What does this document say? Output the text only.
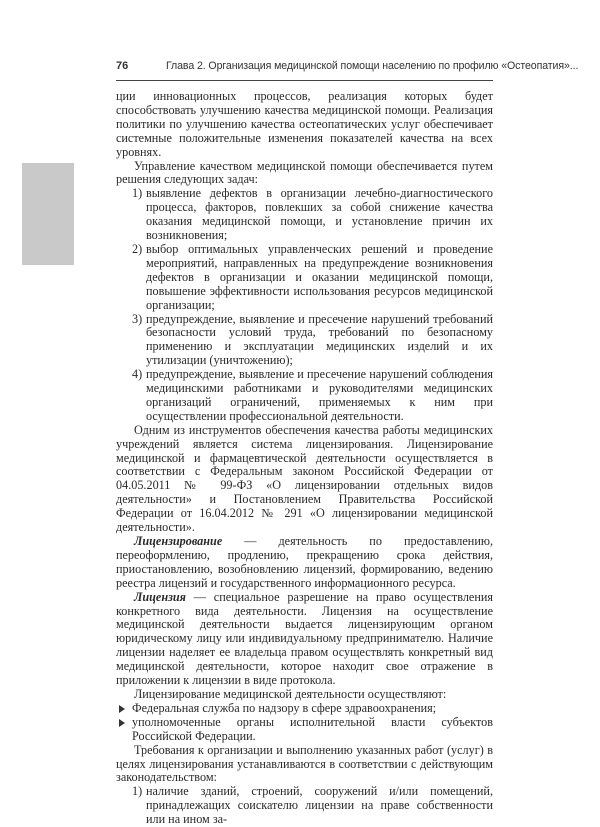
76	Глава 2. Организация медицинской помощи населению по профилю «Остеопатия»...

ции инновационных процессов, реализация которых будет способствовать улучшению качества медицинской помощи. Реализация политики по улучшению качества остеопатических услуг обеспечивает системные положительные изменения показателей качества на всех уровнях.

Управление качеством медицинской помощи обеспечивается путем решения следующих задач:

1) выявление дефектов в организации лечебно-диагностического процесса, факторов, повлекших за собой снижение качества оказания медицинской помощи, и установление причин их возникновения;
2) выбор оптимальных управленческих решений и проведение мероприятий, направленных на предупреждение возникновения дефектов в организации и оказании медицинской помощи, повышение эффективности использования ресурсов медицинской организации;
3) предупреждение, выявление и пресечение нарушений требований безопасности условий труда, требований по безопасному применению и эксплуатации медицинских изделий и их утилизации (уничтожению);
4) предупреждение, выявление и пресечение нарушений соблюдения медицинскими работниками и руководителями медицинских организаций ограничений, применяемых к ним при осуществлении профессиональной деятельности.

Одним из инструментов обеспечения качества работы медицинских учреждений является система лицензирования. Лицензирование медицинской и фармацевтической деятельности осуществляется в соответствии с Федеральным законом Российской Федерации от 04.05.2011 № 99-ФЗ «О лицензировании отдельных видов деятельности» и Постановлением Правительства Российской Федерации от 16.04.2012 № 291 «О лицензировании медицинской деятельности».

Лицензирование — деятельность по предоставлению, переоформлению, продлению, прекращению срока действия, приостановлению, возобновлению лицензий, формированию, ведению реестра лицензий и государственного информационного ресурса.

Лицензия — специальное разрешение на право осуществления конкретного вида деятельности. Лицензия на осуществление медицинской деятельности выдается лицензирующим органом юридическому лицу или индивидуальному предпринимателю. Наличие лицензии наделяет ее владельца правом осуществлять конкретный вид медицинской деятельности, которое находит свое отражение в приложении к лицензии в виде протокола.

Лицензирование медицинской деятельности осуществляют:

Федеральная служба по надзору в сфере здравоохранения;
уполномоченные органы исполнительной власти субъектов Российской Федерации.

Требования к организации и выполнению указанных работ (услуг) в целях лицензирования устанавливаются в соответствии с действующим законодательством:

1) наличие зданий, строений, сооружений и/или помещений, принадлежащих соискателю лицензии на праве собственности или на ином за-
